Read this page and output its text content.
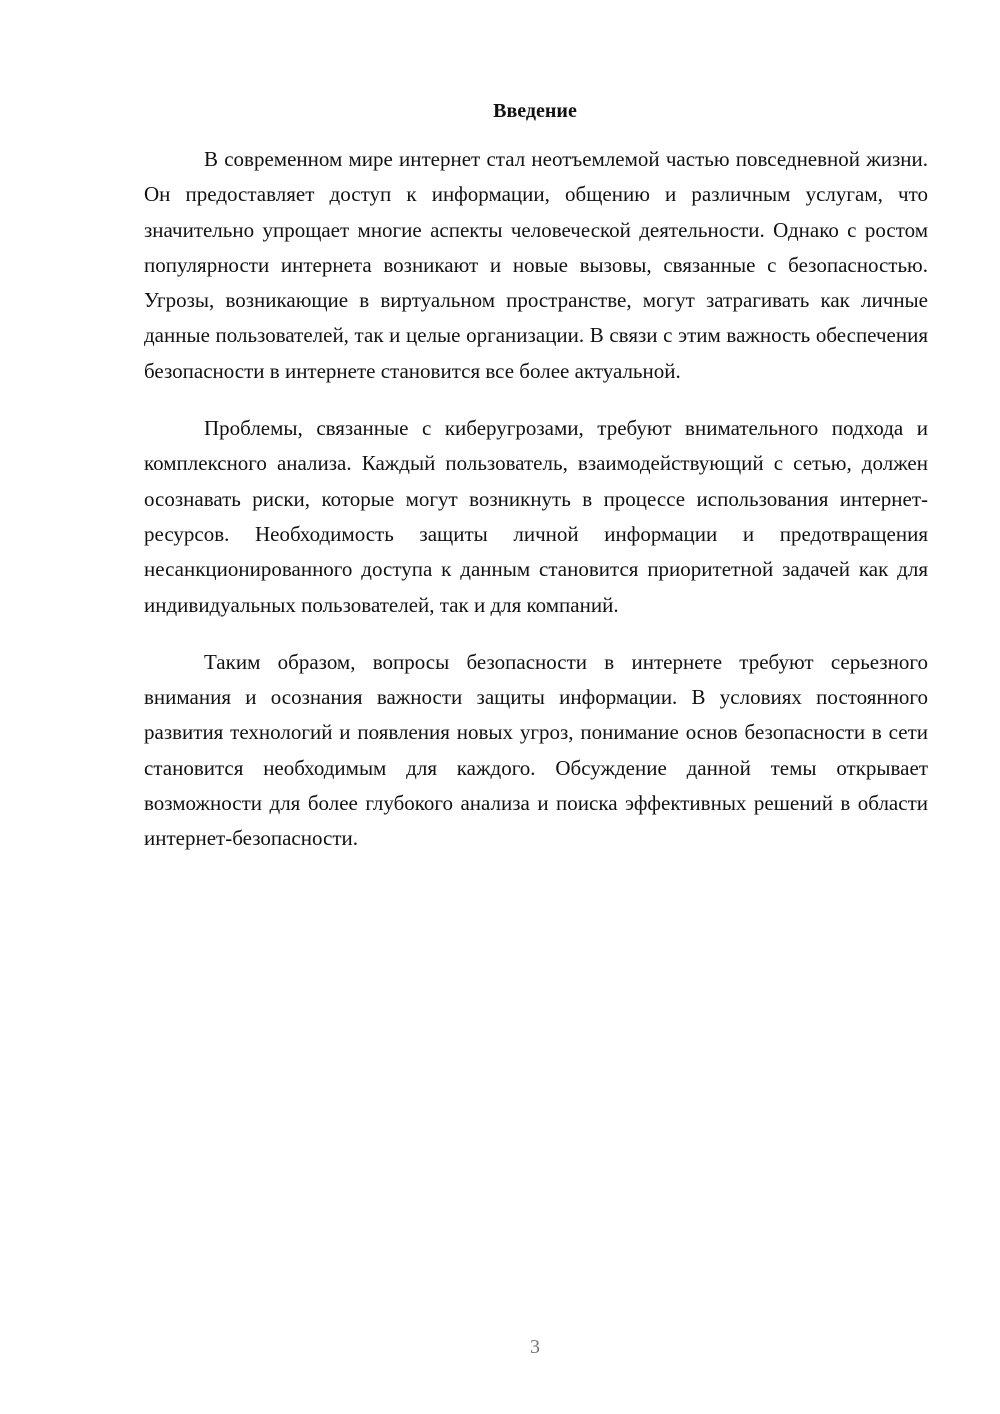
Введение

В современном мире интернет стал неотъемлемой частью повседневной жизни. Он предоставляет доступ к информации, общению и различным услугам, что значительно упрощает многие аспекты человеческой деятельности. Однако с ростом популярности интернета возникают и новые вызовы, связанные с безопасностью. Угрозы, возникающие в виртуальном пространстве, могут затрагивать как личные данные пользователей, так и целые организации. В связи с этим важность обеспечения безопасности в интернете становится все более актуальной.

Проблемы, связанные с киберугрозами, требуют внимательного подхода и комплексного анализа. Каждый пользователь, взаимодействующий с сетью, должен осознавать риски, которые могут возникнуть в процессе использования интернет-ресурсов. Необходимость защиты личной информации и предотвращения несанкционированного доступа к данным становится приоритетной задачей как для индивидуальных пользователей, так и для компаний.

Таким образом, вопросы безопасности в интернете требуют серьезного внимания и осознания важности защиты информации. В условиях постоянного развития технологий и появления новых угроз, понимание основ безопасности в сети становится необходимым для каждого. Обсуждение данной темы открывает возможности для более глубокого анализа и поиска эффективных решений в области интернет-безопасности.

3
